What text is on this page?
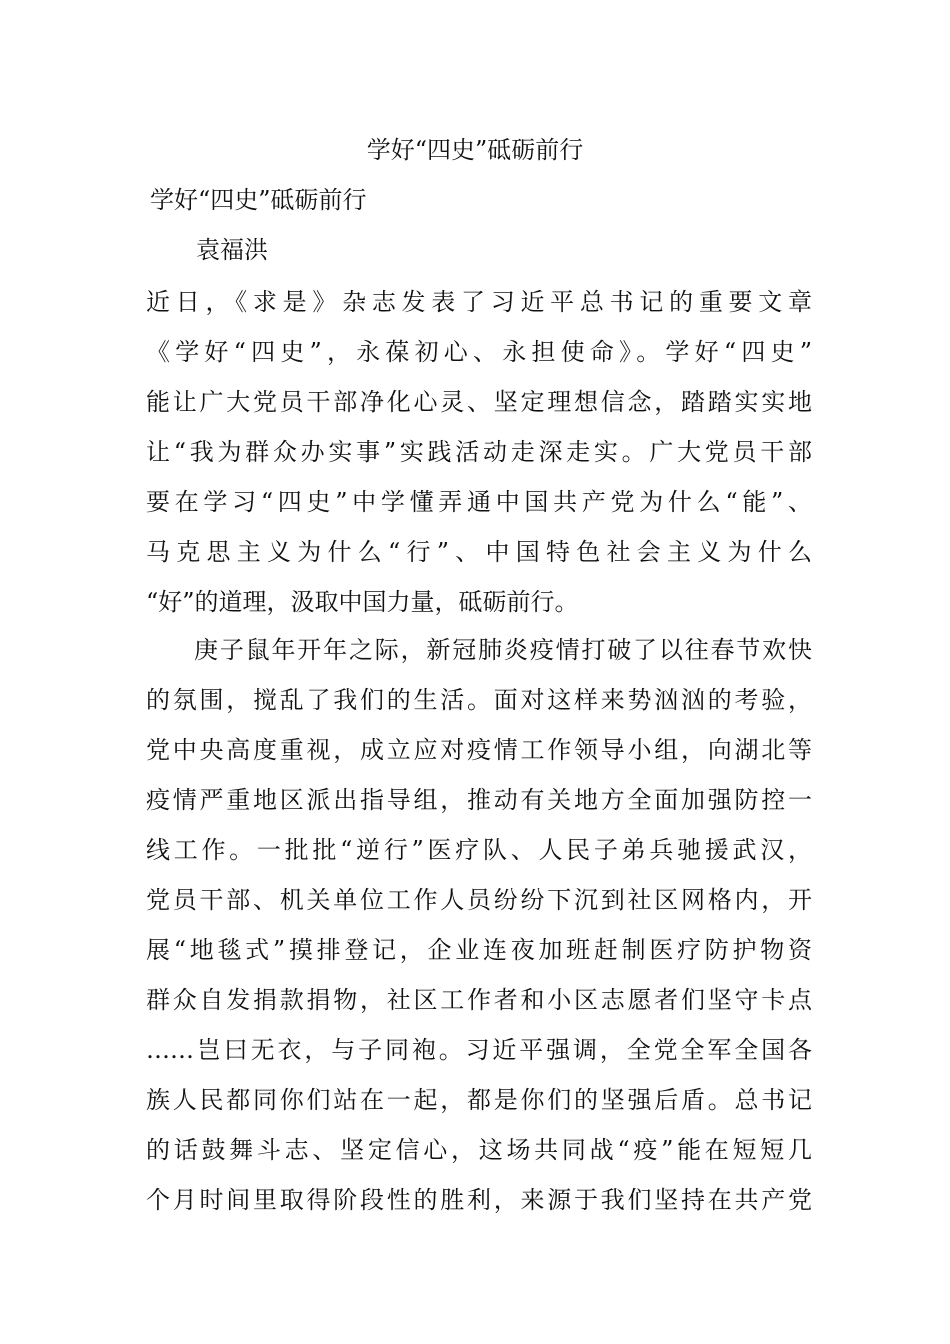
学好“四史”砥砺前行
学好“四史”砥砺前行
袁福洪
近日，《求是》杂志发表了习近平总书记的重要文章
《学好“四史”，永葆初心、永担使命》。学好“四史”
能让广大党员干部净化心灵、坚定理想信念，踏踏实实地
让“我为群众办实事”实践活动走深走实。广大党员干部
要在学习“四史”中学懂弄通中国共产党为什么“能”、
马克思主义为什么“行”、中国特色社会主义为什么
“好”的道理，汲取中国力量，砥砺前行。
庚子鼠年开年之际，新冠肺炎疫情打破了以往春节欢快
的氛围，搅乱了我们的生活。面对这样来势汹汹的考验，
党中央高度重视，成立应对疫情工作领导小组，向湖北等
疫情严重地区派出指导组，推动有关地方全面加强防控一
线工作。一批批“逆行”医疗队、人民子弟兵驰援武汉，
党员干部、机关单位工作人员纷纷下沉到社区网格内，开
展“地毯式”摸排登记，企业连夜加班赶制医疗防护物资
群众自发捐款捐物，社区工作者和小区志愿者们坚守卡点
……岂曰无衣，与子同袍。习近平强调，全党全军全国各
族人民都同你们站在一起，都是你们的坚强后盾。总书记
的话鼓舞斗志、坚定信心，这场共同战“疫”能在短短几
个月时间里取得阶段性的胜利，来源于我们坚持在共产党
